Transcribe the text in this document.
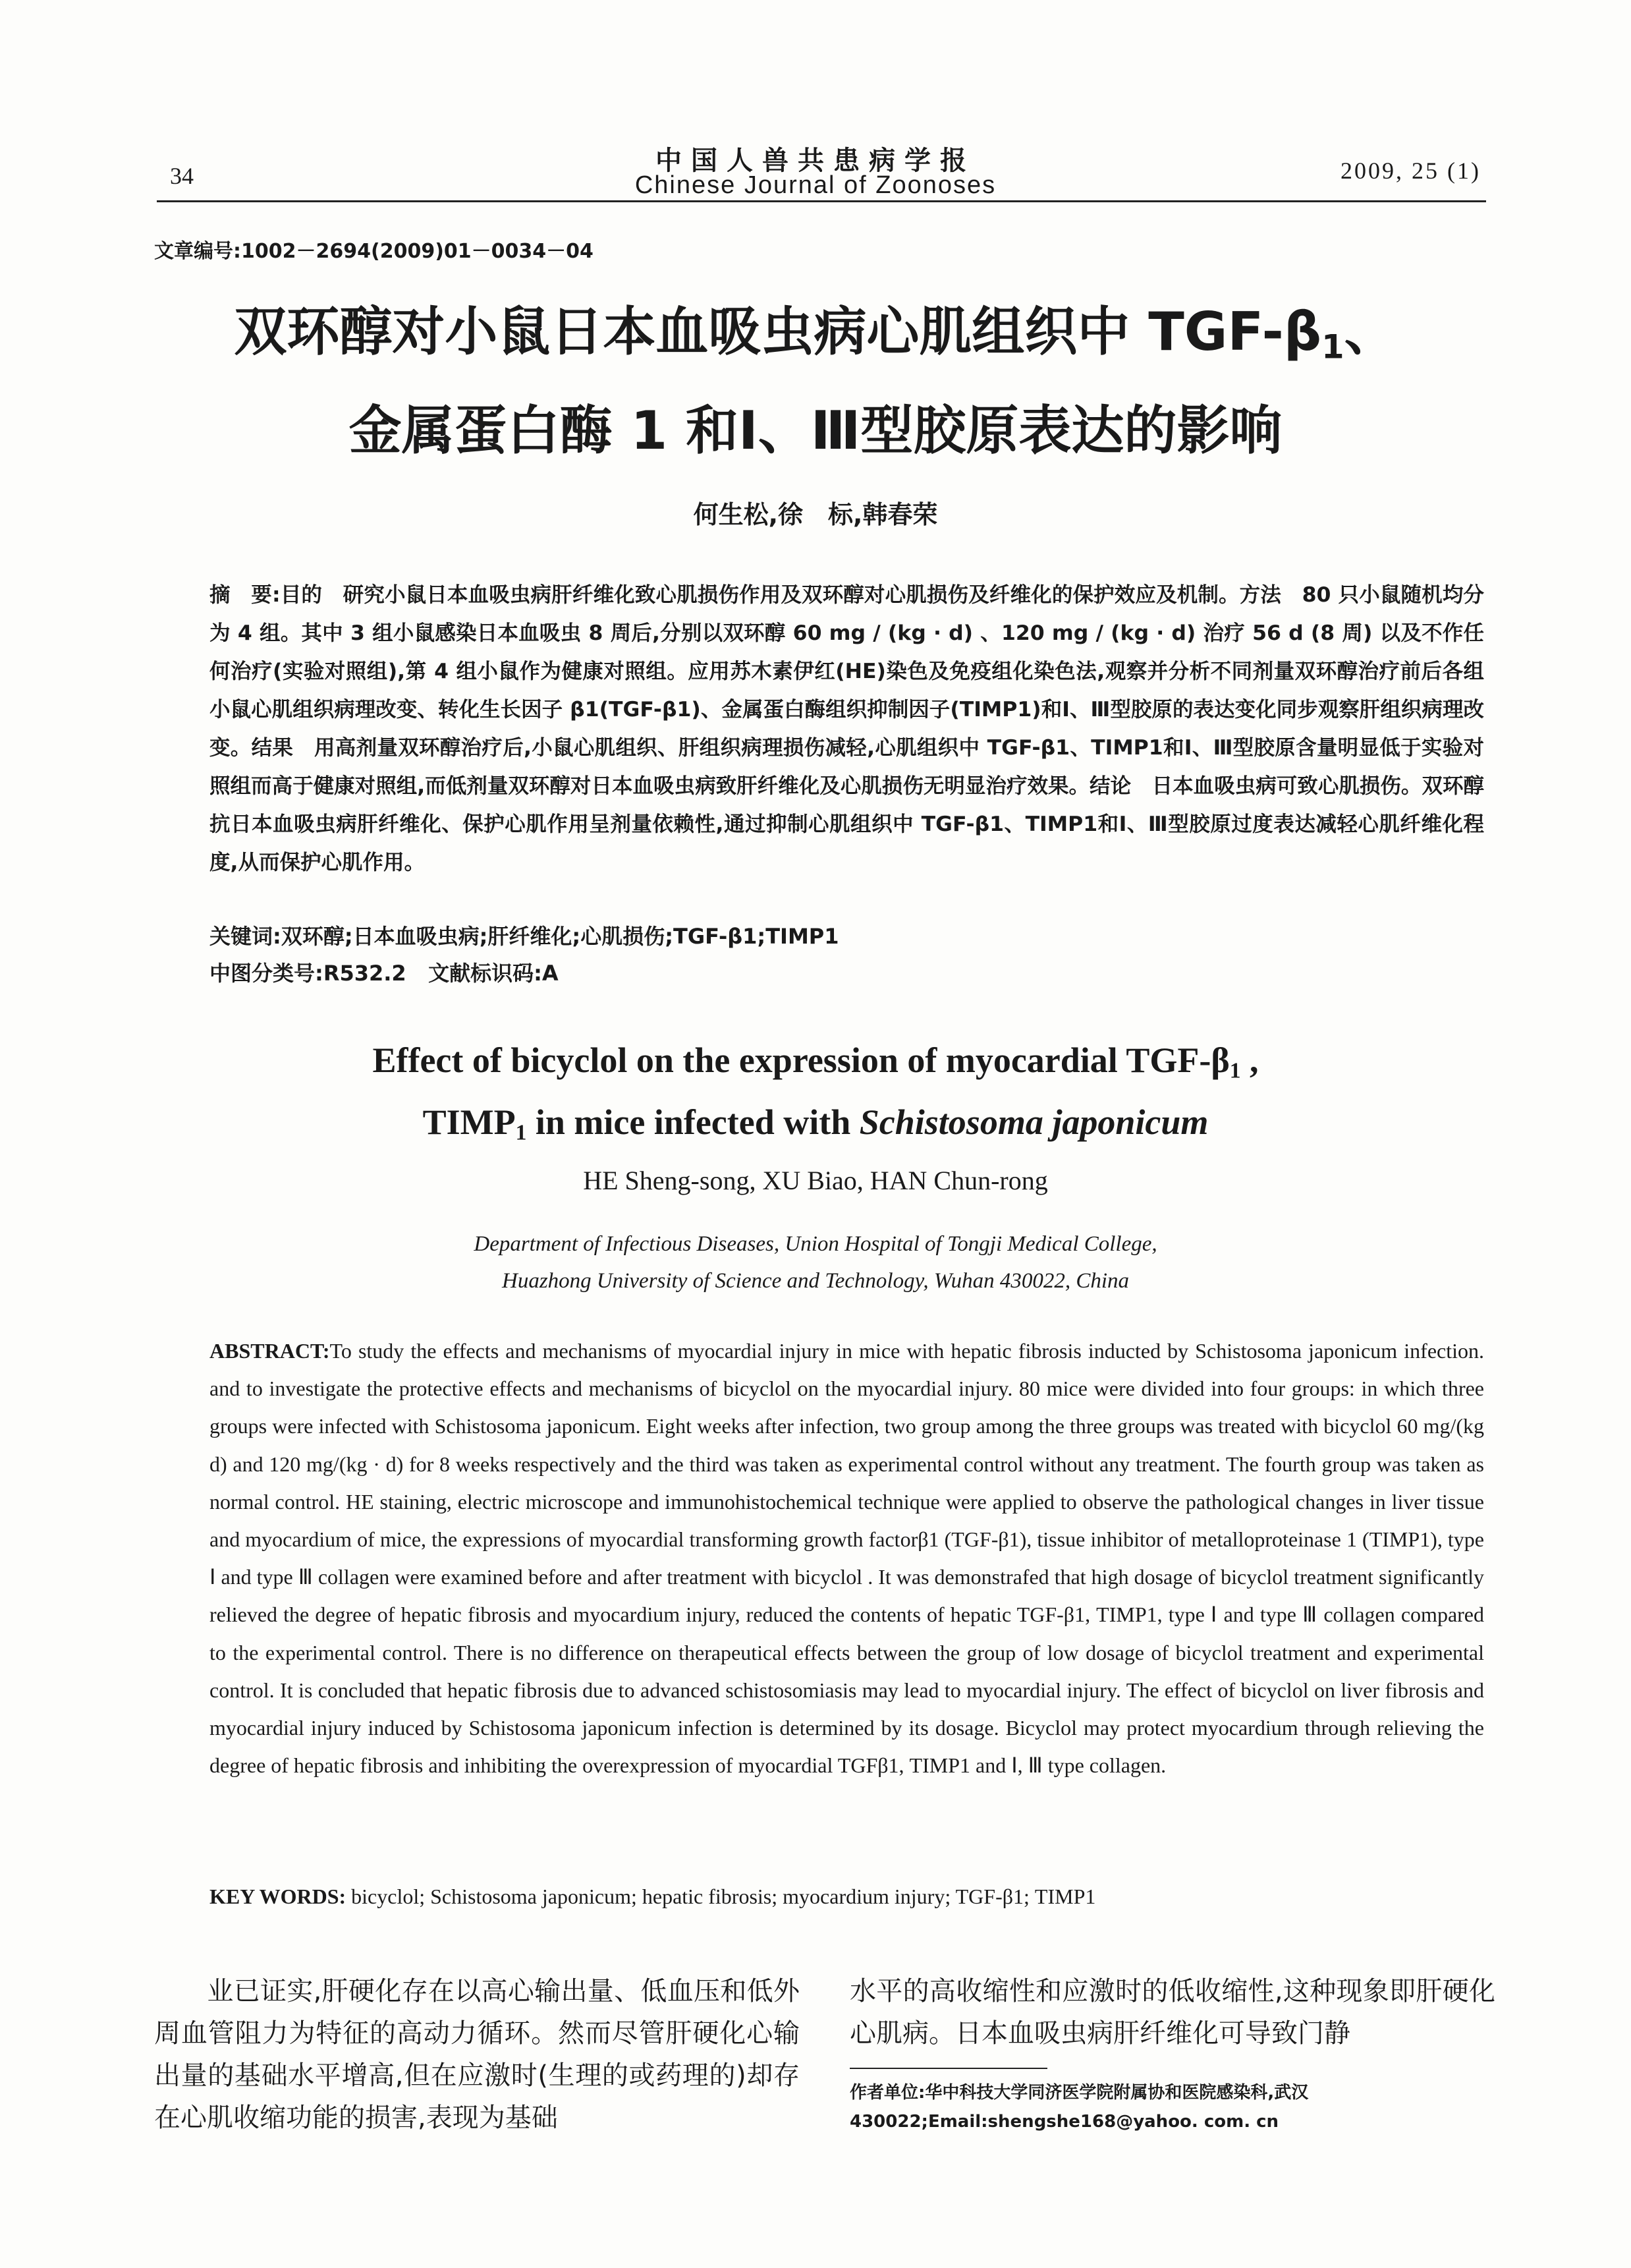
34	中国人兽共患病学报
Chinese Journal of Zoonoses
2009, 25 (1)
文章编号:1002－2694(2009)01－0034－04
双环醇对小鼠日本血吸虫病心肌组织中 TGF-$\beta_1$、
金属蛋白酶 1 和Ⅰ、Ⅲ型胶原表达的影响
何生松,徐　标,韩春荣
摘　要:目的　研究小鼠日本血吸虫病肝纤维化致心肌损伤作用及双环醇对心肌损伤及纤维化的保护效应及机制。方法　80 只小鼠随机均分为 4 组。其中 3 组小鼠感染日本血吸虫 8 周后,分别以双环醇 60 mg / (kg · d) 、120 mg / (kg · d) 治疗 56 d (8 周) 以及不作任何治疗(实验对照组),第 4 组小鼠作为健康对照组。应用苏木素伊红(HE)染色及免疫组化染色法,观察并分析不同剂量双环醇治疗前后各组小鼠心肌组织病理改变、转化生长因子 β1(TGF-β1)、金属蛋白酶组织抑制因子(TIMP1)和Ⅰ、Ⅲ型胶原的表达变化同步观察肝组织病理改变。结果　用高剂量双环醇治疗后,小鼠心肌组织、肝组织病理损伤减轻,心肌组织中 TGF-β1、TIMP1和Ⅰ、Ⅲ型胶原含量明显低于实验对照组而高于健康对照组,而低剂量双环醇对日本血吸虫病致肝纤维化及心肌损伤无明显治疗效果。结论　日本血吸虫病可致心肌损伤。双环醇抗日本血吸虫病肝纤维化、保护心肌作用呈剂量依赖性,通过抑制心肌组织中 TGF-β1、TIMP1和Ⅰ、Ⅲ型胶原过度表达减轻心肌纤维化程度,从而保护心肌作用。
关键词:双环醇;日本血吸虫病;肝纤维化;心肌损伤;TGF-β1;TIMP1
中图分类号:R532.2 文献标识码:A
Effect of bicyclol on the expression of myocardial TGF-$\beta_1$ ,
$TIMP_1$ in mice infected with Schistosoma japonicum
HE Sheng-song, XU Biao, HAN Chun-rong
Department of Infectious Diseases, Union Hospital of Tongji Medical College,
Huazhong University of Science and Technology, Wuhan 430022, China
ABSTRACT:To study the effects and mechanisms of myocardial injury in mice with hepatic fibrosis inducted by Schistosoma japonicum infection. and to investigate the protective effects and mechanisms of bicyclol on the myocardial injury. 80 mice were divided into four groups: in which three groups were infected with Schistosoma japonicum. Eight weeks after infection, two group among the three groups was treated with bicyclol 60 mg/(kg d) and 120 mg/(kg · d) for 8 weeks respectively and the third was taken as experimental control without any treatment. The fourth group was taken as normal control. HE staining, electric microscope and immunohistochemical technique were applied to observe the pathological changes in liver tissue and myocardium of mice, the expressions of myocardial transforming growth factorβ1 (TGF-β1), tissue inhibitor of metalloproteinase 1 (TIMP1), type Ⅰ and type Ⅲ collagen were examined before and after treatment with bicyclol . It was demonstrafed that high dosage of bicyclol treatment significantly relieved the degree of hepatic fibrosis and myocardium injury, reduced the contents of hepatic TGF-β1, TIMP1, type Ⅰ and type Ⅲ collagen compared to the experimental control. There is no difference on therapeutical effects between the group of low dosage of bicyclol treatment and experimental control. It is concluded that hepatic fibrosis due to advanced schistosomiasis may lead to myocardial injury. The effect of bicyclol on liver fibrosis and myocardial injury induced by Schistosoma japonicum infection is determined by its dosage. Bicyclol may protect myocardium through relieving the degree of hepatic fibrosis and inhibiting the overexpression of myocardial TGFβ1, TIMP1 and Ⅰ, Ⅲ type collagen.
KEY WORDS: bicyclol; Schistosoma japonicum; hepatic fibrosis; myocardium injury; TGF-β1; TIMP1
业已证实,肝硬化存在以高心输出量、低血压和低外周血管阻力为特征的高动力循环。然而尽管肝硬化心输出量的基础水平增高,但在应激时(生理的或药理的)却存在心肌收缩功能的损害,表现为基础
水平的高收缩性和应激时的低收缩性,这种现象即肝硬化心肌病。日本血吸虫病肝纤维化可导致门静
作者单位:华中科技大学同济医学院附属协和医院感染科,武汉 430022;Email:shengshe168@yahoo. com. cn
